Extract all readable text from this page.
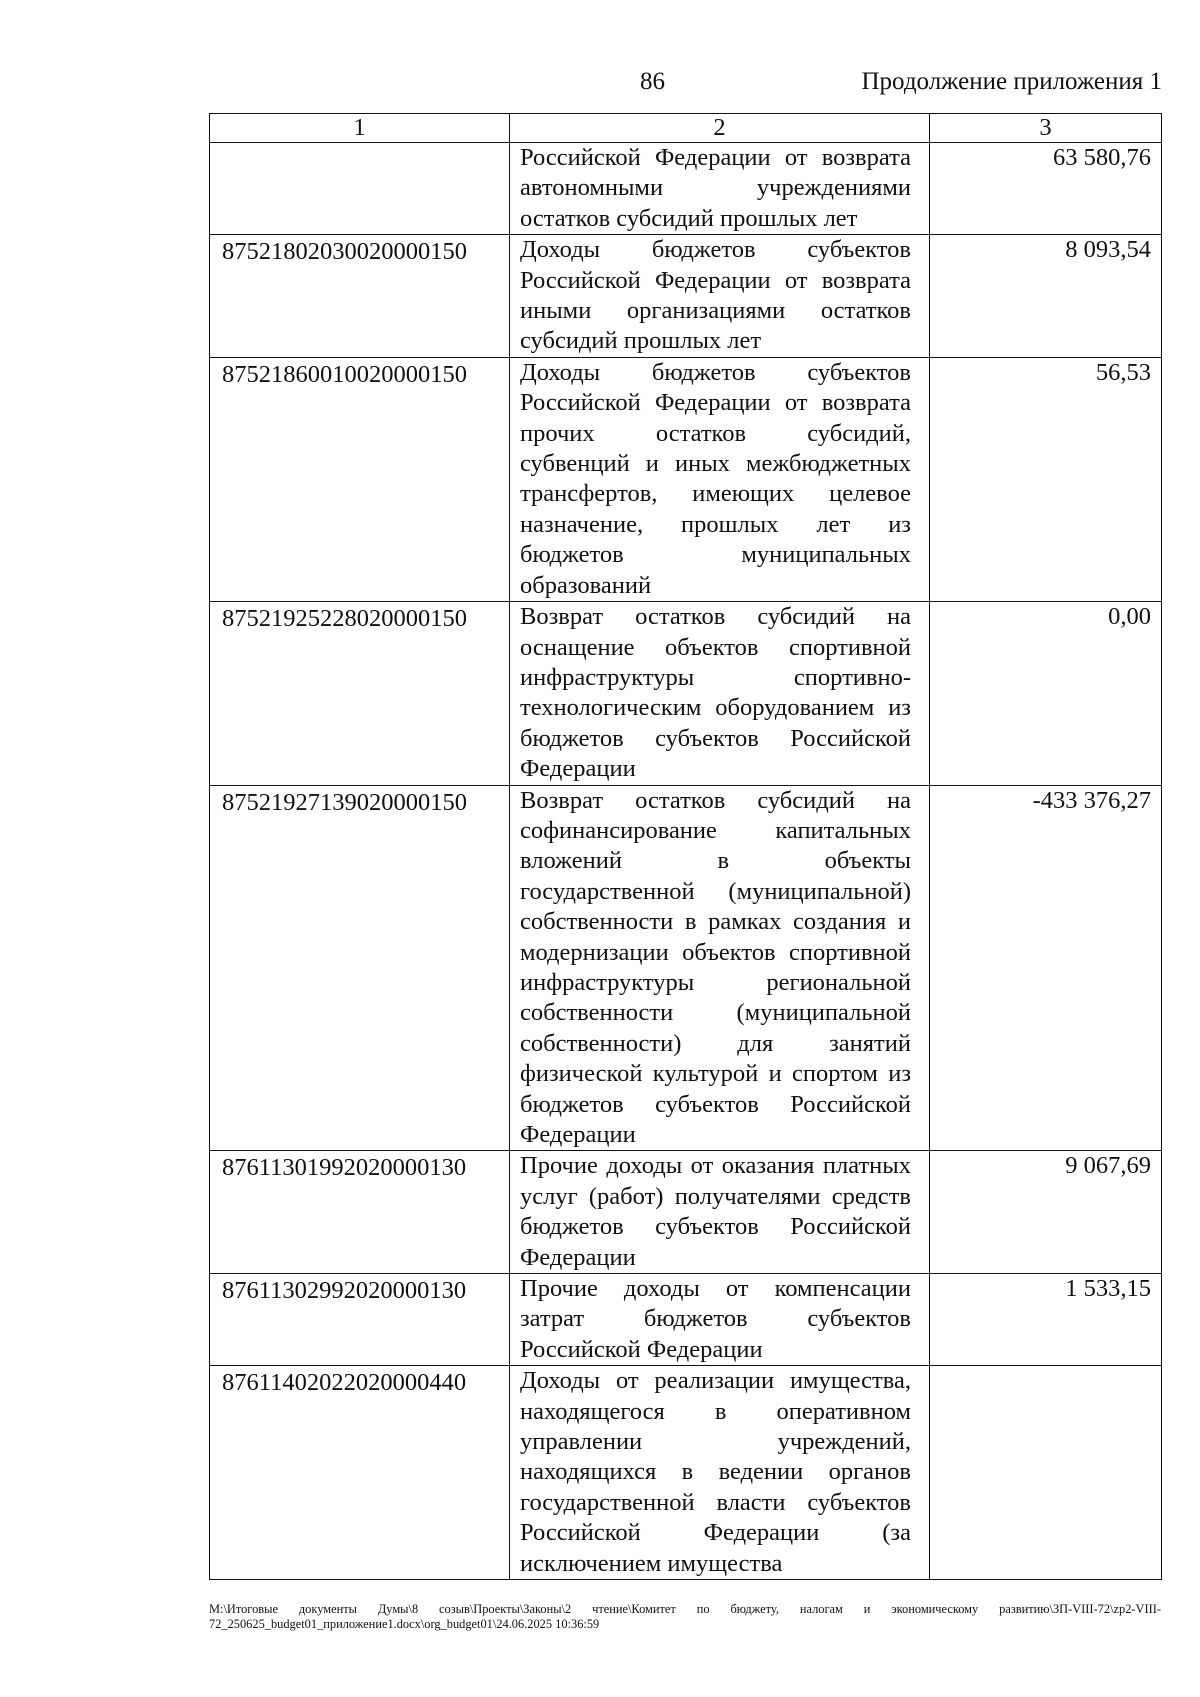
86	Продолжение приложения 1
1	2	3
	Российской Федерации от возврата автономными учреждениями остатков субсидий прошлых лет	63 580,76
87521802030020000150	Доходы бюджетов субъектов Российской Федерации от возврата иными организациями остатков субсидий прошлых лет	8 093,54
87521860010020000150	Доходы бюджетов субъектов Российской Федерации от возврата прочих остатков субсидий, субвенций и иных межбюджетных трансфертов, имеющих целевое назначение, прошлых лет из бюджетов муниципальных образований	56,53
87521925228020000150	Возврат остатков субсидий на оснащение объектов спортивной инфраструктуры спортивно-технологическим оборудованием из бюджетов субъектов Российской Федерации	0,00
87521927139020000150	Возврат остатков субсидий на софинансирование капитальных вложений в объекты государственной (муниципальной) собственности в рамках создания и модернизации объектов спортивной инфраструктуры региональной собственности (муниципальной собственности) для занятий физической культурой и спортом из бюджетов субъектов Российской Федерации	-433 376,27
87611301992020000130	Прочие доходы от оказания платных услуг (работ) получателями средств бюджетов субъектов Российской Федерации	9 067,69
87611302992020000130	Прочие доходы от компенсации затрат бюджетов субъектов Российской Федерации	1 533,15
87611402022020000440	Доходы от реализации имущества, находящегося в оперативном управлении учреждений, находящихся в ведении органов государственной власти субъектов Российской Федерации (за исключением имущества	
M:\Итоговые документы Думы\8 созыв\Проекты\Законы\2 чтение\Комитет по бюджету, налогам и экономическому развитию\ЗП-VIII-72\zp2-VIII-72_250625_budget01_приложение1.docx\org_budget01\24.06.2025 10:36:59
